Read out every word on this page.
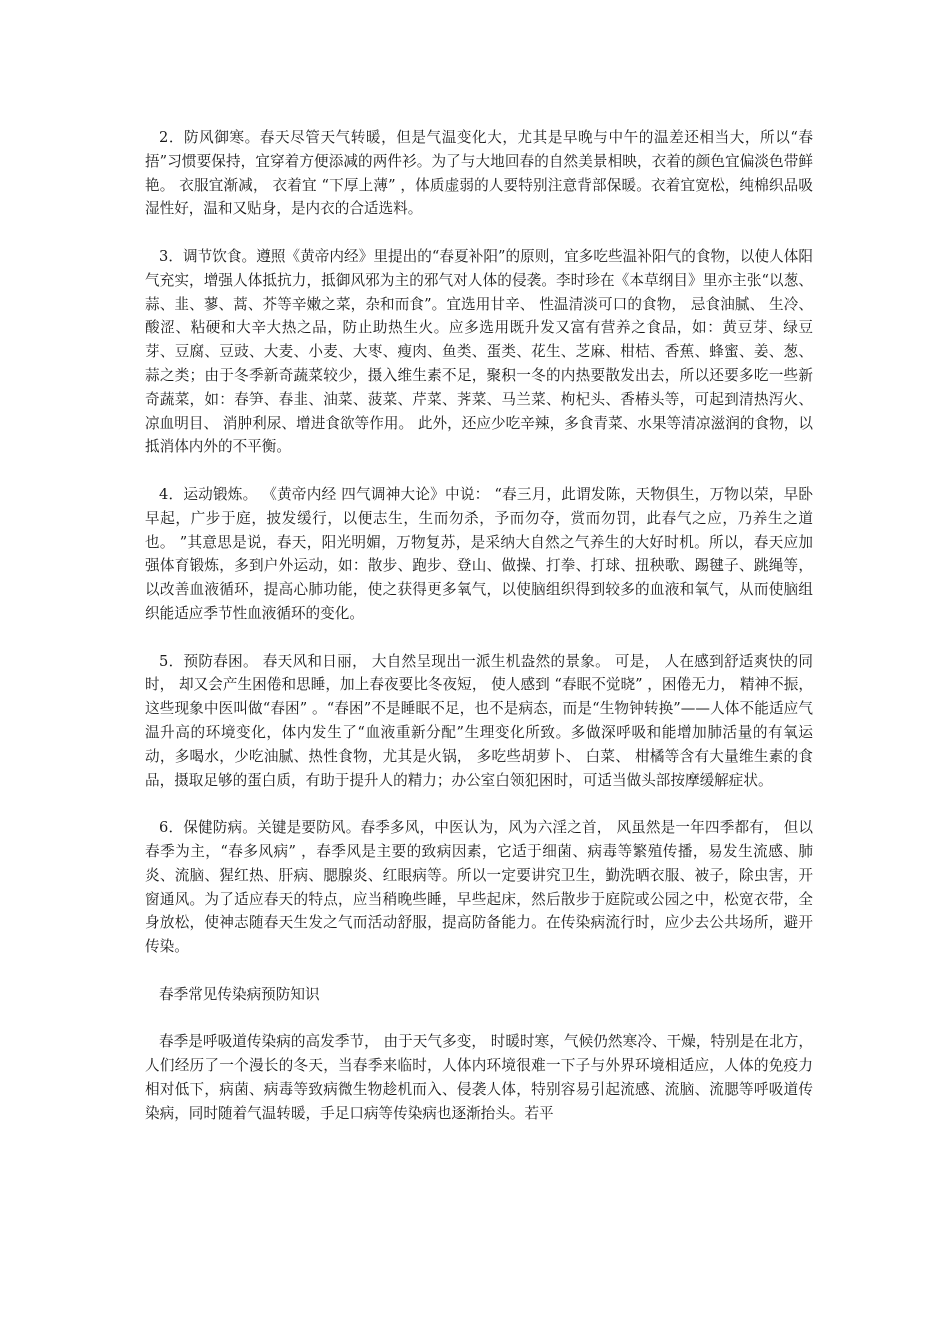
2．防风御寒。春天尽管天气转暖，但是气温变化大，尤其是早晚与中午的温差还相当大，所以“春捂”习惯要保持，宜穿着方便添减的两件衫。为了与大地回春的自然美景相映，衣着的颜色宜偏淡色带鲜艳。 衣服宜渐减， 衣着宜 “下厚上薄” ，体质虚弱的人要特别注意背部保暖。衣着宜宽松，纯棉织品吸湿性好，温和又贴身，是内衣的合适选料。

3．调节饮食。遵照《黄帝内经》里提出的“春夏补阳”的原则，宜多吃些温补阳气的食物，以使人体阳气充实，增强人体抵抗力，抵御风邪为主的邪气对人体的侵袭。李时珍在《本草纲目》里亦主张“以葱、蒜、韭、蓼、蒿、芥等辛嫩之菜，杂和而食”。宜选用甘辛、 性温清淡可口的食物， 忌食油腻、 生冷、 酸涩、粘硬和大辛大热之品，防止助热生火。应多选用既升发又富有营养之食品，如：黄豆芽、绿豆芽、豆腐、豆豉、大麦、小麦、大枣、瘦肉、鱼类、蛋类、花生、芝麻、柑桔、香蕉、蜂蜜、姜、葱、蒜之类；由于冬季新奇蔬菜较少，摄入维生素不足，聚积一冬的内热要散发出去，所以还要多吃一些新奇蔬菜，如：春笋、春韭、油菜、菠菜、芹菜、荠菜、马兰菜、枸杞头、香椿头等，可起到清热泻火、 凉血明目、 消肿利尿、增进食欲等作用。 此外，还应少吃辛辣，多食青菜、水果等清凉滋润的食物，以抵消体内外的不平衡。

4．运动锻炼。 《黄帝内经 四气调神大论》中说： “春三月，此谓发陈，天物俱生，万物以荣，早卧早起，广步于庭，披发缓行，以便志生，生而勿杀，予而勿夺，赏而勿罚，此春气之应，乃养生之道也。 ”其意思是说，春天，阳光明媚，万物复苏，是采纳大自然之气养生的大好时机。所以，春天应加强体育锻炼，多到户外运动，如：散步、跑步、登山、做操、打拳、打球、扭秧歌、踢毽子、跳绳等，以改善血液循环，提高心肺功能，使之获得更多氧气，以使脑组织得到较多的血液和氧气，从而使脑组织能适应季节性血液循环的变化。

5．预防春困。 春天风和日丽， 大自然呈现出一派生机盎然的景象。 可是， 人在感到舒适爽快的同时， 却又会产生困倦和思睡，加上春夜要比冬夜短， 使人感到 “春眠不觉晓” ，困倦无力， 精神不振，这些现象中医叫做“春困” 。“春困”不是睡眠不足，也不是病态，而是“生物钟转换”——人体不能适应气温升高的环境变化，体内发生了“血液重新分配”生理变化所致。多做深呼吸和能增加肺活量的有氧运动，多喝水，少吃油腻、热性食物，尤其是火锅， 多吃些胡萝卜、 白菜、 柑橘等含有大量维生素的食品，摄取足够的蛋白质，有助于提升人的精力；办公室白领犯困时，可适当做头部按摩缓解症状。

6．保健防病。关键是要防风。春季多风，中医认为，风为六淫之首， 风虽然是一年四季都有， 但以春季为主，“春多风病” ，春季风是主要的致病因素，它适于细菌、病毒等繁殖传播，易发生流感、肺炎、流脑、猩红热、肝病、腮腺炎、红眼病等。所以一定要讲究卫生，勤洗晒衣服、被子，除虫害，开窗通风。为了适应春天的特点，应当稍晚些睡，早些起床，然后散步于庭院或公园之中，松宽衣带，全身放松，使神志随春天生发之气而活动舒服，提高防备能力。在传染病流行时，应少去公共场所，避开传染。

春季常见传染病预防知识

春季是呼吸道传染病的高发季节， 由于天气多变， 时暖时寒，气候仍然寒冷、干燥，特别是在北方，人们经历了一个漫长的冬天，当春季来临时，人体内环境很难一下子与外界环境相适应，人体的免疫力相对低下，病菌、病毒等致病微生物趁机而入、侵袭人体，特别容易引起流感、流脑、流腮等呼吸道传染病，同时随着气温转暖，手足口病等传染病也逐渐抬头。若平
